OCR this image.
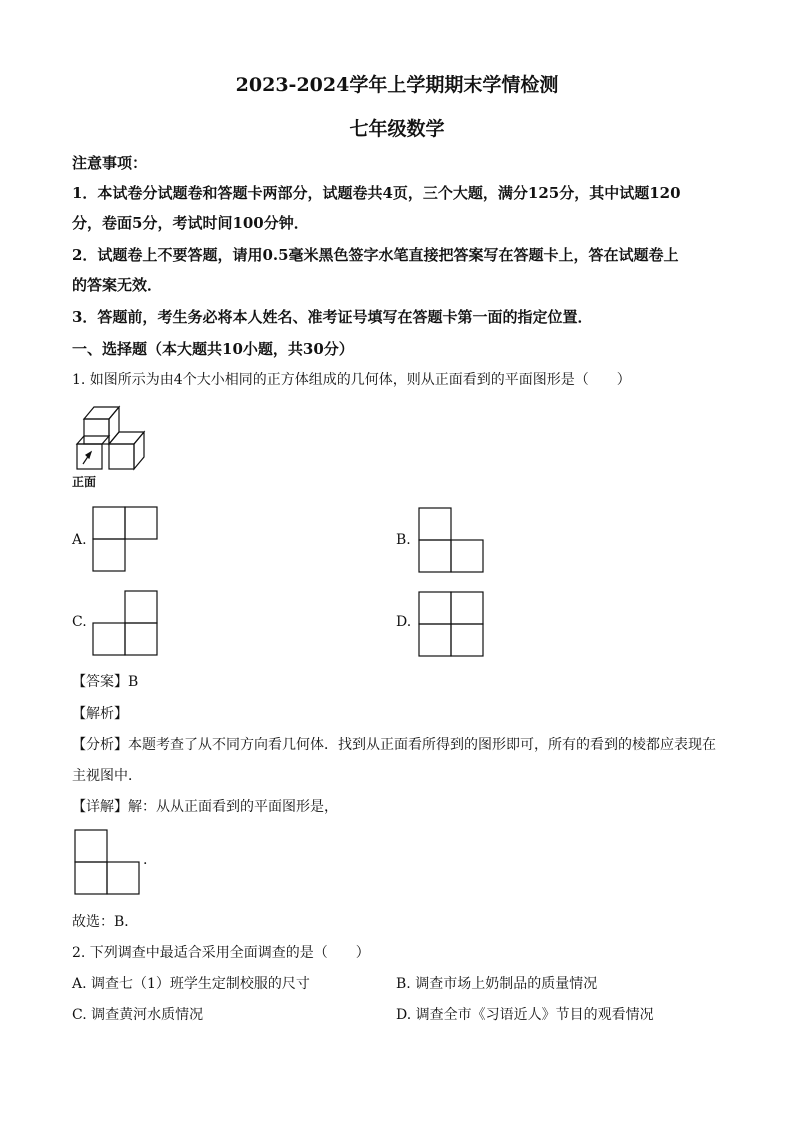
2023-2024学年上学期期末学情检测
七年级数学
注意事项：
1．本试卷分试题卷和答题卡两部分，试题卷共4页，三个大题，满分125分，其中试题120
分，卷面5分，考试时间100分钟．
2．试题卷上不要答题，请用0.5毫米黑色签字水笔直接把答案写在答题卡上，答在试题卷上
的答案无效．
3．答题前，考生务必将本人姓名、准考证号填写在答题卡第一面的指定位置．
一、选择题（本大题共10小题，共30分）
1. 如图所示为由4个大小相同的正方体组成的几何体，则从正面看到的平面图形是（　　）
正面
A.	B.
C.	D.
【答案】B
【解析】
【分析】本题考查了从不同方向看几何体．找到从正面看所得到的图形即可，所有的看到的棱都应表现在
主视图中．
【详解】解：从从正面看到的平面图形是，
.
故选：B．
2. 下列调查中最适合采用全面调查的是（　　）
A. 调查七（1）班学生定制校服的尺寸	B. 调查市场上奶制品的质量情况
C. 调查黄河水质情况	D. 调查全市《习语近人》节目的观看情况
